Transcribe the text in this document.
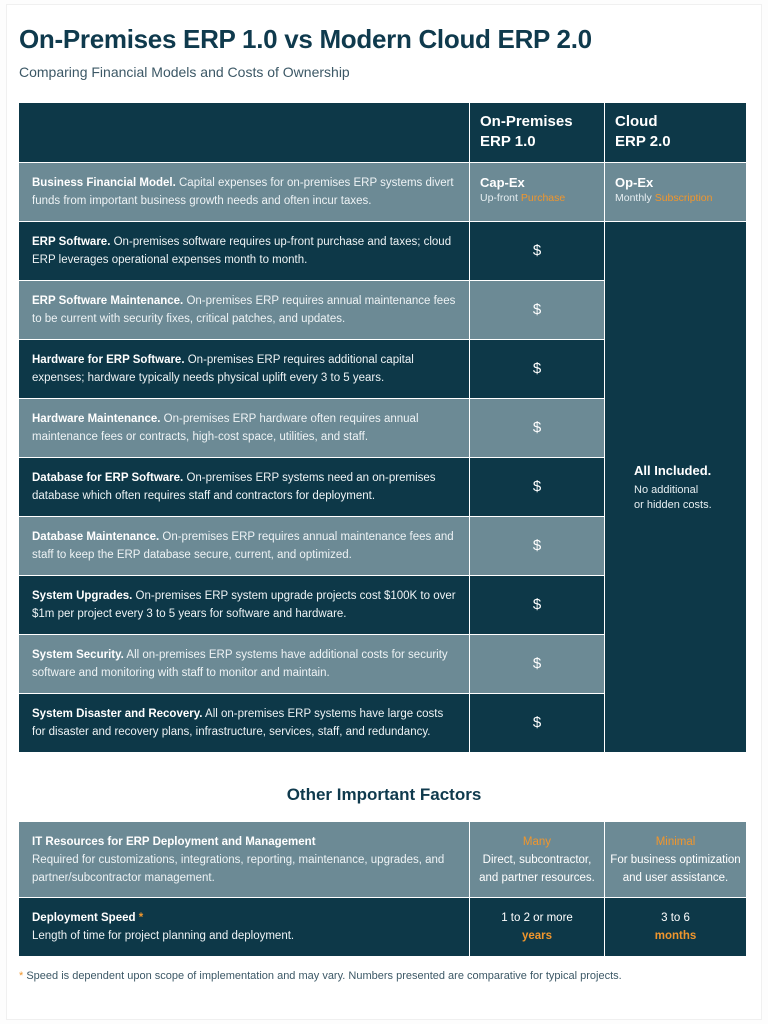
On-Premises ERP 1.0 vs Modern Cloud ERP 2.0
Comparing Financial Models and Costs of Ownership
On-Premises
ERP 1.0
Cloud
ERP 2.0
Business Financial Model. Capital expenses for on-premises ERP systems divert funds from important business growth needs and often incur taxes.
Cap-Ex
Up-front Purchase
Op-Ex
Monthly Subscription
ERP Software. On-premises software requires up-front purchase and taxes; cloud ERP leverages operational expenses month to month.
$
ERP Software Maintenance. On-premises ERP requires annual maintenance fees to be current with security fixes, critical patches, and updates.
$
Hardware for ERP Software. On-premises ERP requires additional capital expenses; hardware typically needs physical uplift every 3 to 5 years.
$
Hardware Maintenance. On-premises ERP hardware often requires annual maintenance fees or contracts, high-cost space, utilities, and staff.
$
Database for ERP Software. On-premises ERP systems need an on-premises database which often requires staff and contractors for deployment.
$
Database Maintenance. On-premises ERP requires annual maintenance fees and staff to keep the ERP database secure, current, and optimized.
$
System Upgrades. On-premises ERP system upgrade projects cost $100K to over $1m per project every 3 to 5 years for software and hardware.
$
System Security. All on-premises ERP systems have additional costs for security software and monitoring with staff to monitor and maintain.
$
System Disaster and Recovery. All on-premises ERP systems have large costs for disaster and recovery plans, infrastructure, services, staff, and redundancy.
$
All Included.
No additional
or hidden costs.
Other Important Factors
IT Resources for ERP Deployment and Management
Required for customizations, integrations, reporting, maintenance, upgrades, and partner/subcontractor management.
Many
Direct, subcontractor,
and partner resources.
Minimal
For business optimization
and user assistance.
Deployment Speed *
Length of time for project planning and deployment.
1 to 2 or more
years
3 to 6
months
* Speed is dependent upon scope of implementation and may vary. Numbers presented are comparative for typical projects.
